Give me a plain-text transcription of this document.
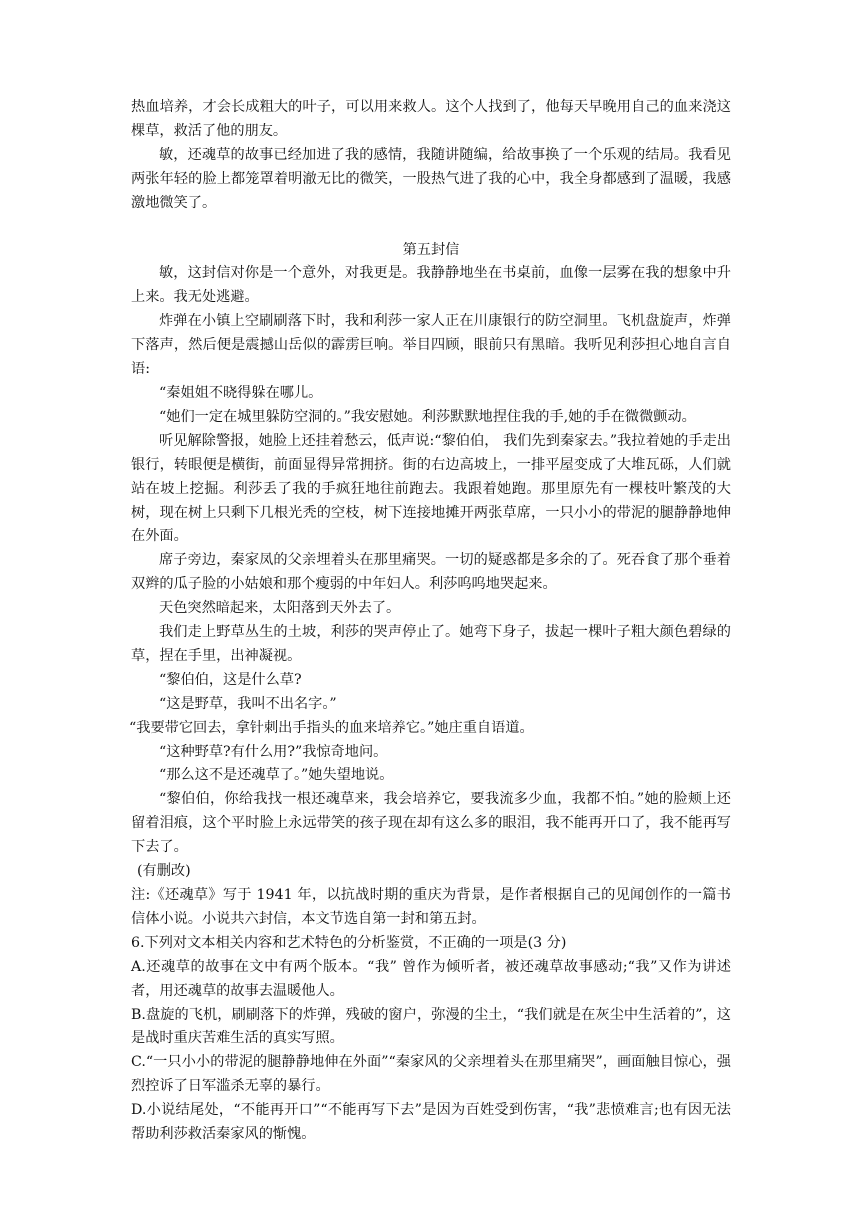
热血培养，才会长成粗大的叶子，可以用来救人。这个人找到了，他每天早晚用自己的血来浇这棵草，救活了他的朋友。

敏，还魂草的故事已经加进了我的感情，我随讲随编，给故事换了一个乐观的结局。我看见两张年轻的脸上都笼罩着明澈无比的微笑，一股热气进了我的心中，我全身都感到了温暖，我感激地微笑了。

第五封信

敏，这封信对你是一个意外，对我更是。我静静地坐在书桌前，血像一层雾在我的想象中升上来。我无处逃避。

炸弹在小镇上空刷刷落下时，我和利莎一家人正在川康银行的防空洞里。飞机盘旋声，炸弹下落声，然后便是震撼山岳似的霹雳巨响。举目四顾，眼前只有黑暗。我听见利莎担心地自言自语:

“秦姐姐不晓得躲在哪儿。

“她们一定在城里躲防空洞的。”我安慰她。利莎默默地捏住我的手,她的手在微微颤动。

听见解除警报，她脸上还挂着愁云，低声说:“黎伯伯， 我们先到秦家去。”我拉着她的手走出银行，转眼便是横街，前面显得异常拥挤。街的右边高坡上，一排平屋变成了大堆瓦砾，人们就站在坡上挖掘。利莎丢了我的手疯狂地往前跑去。我跟着她跑。那里原先有一棵枝叶繁茂的大树，现在树上只剩下几根光秃的空枝，树下连接地摊开两张草席，一只小小的带泥的腿静静地伸在外面。

席子旁边，秦家凤的父亲埋着头在那里痛哭。一切的疑惑都是多余的了。死吞食了那个垂着双辫的瓜子脸的小姑娘和那个瘦弱的中年妇人。利莎呜呜地哭起来。

天色突然暗起来，太阳落到天外去了。

我们走上野草丛生的土坡，利莎的哭声停止了。她弯下身子，拔起一棵叶子粗大颜色碧绿的草，捏在手里，出神凝视。

“黎伯伯，这是什么草?

“这是野草，我叫不出名字。”

“我要带它回去，拿针刺出手指头的血来培养它。”她庄重自语道。

“这种野草?有什么用?”我惊奇地问。

“那么这不是还魂草了。”她失望地说。

“黎伯伯，你给我找一根还魂草来，我会培养它，要我流多少血，我都不怕。”她的脸颊上还留着泪痕，这个平时脸上永远带笑的孩子现在却有这么多的眼泪，我不能再开口了，我不能再写下去了。

(有删改)

注:《还魂草》写于 1941 年，以抗战时期的重庆为背景，是作者根据自己的见闻创作的一篇书信体小说。小说共六封信，本文节选自第一封和第五封。

6.下列对文本相关内容和艺术特色的分析鉴赏，不正确的一项是(3 分)

A.还魂草的故事在文中有两个版本。“我” 曾作为倾听者，被还魂草故事感动;“我”又作为讲述者，用还魂草的故事去温暖他人。

B.盘旋的飞机，刷刷落下的炸弹，残破的窗户，弥漫的尘土，“我们就是在灰尘中生活着的”，这是战时重庆苦难生活的真实写照。

C.“一只小小的带泥的腿静静地伸在外面”“秦家风的父亲埋着头在那里痛哭”，画面触目惊心，强烈控诉了日军滥杀无辜的暴行。

D.小说结尾处，“不能再开口”“不能再写下去”是因为百姓受到伤害，“我”悲愤难言;也有因无法帮助利莎救活秦家风的惭愧。
